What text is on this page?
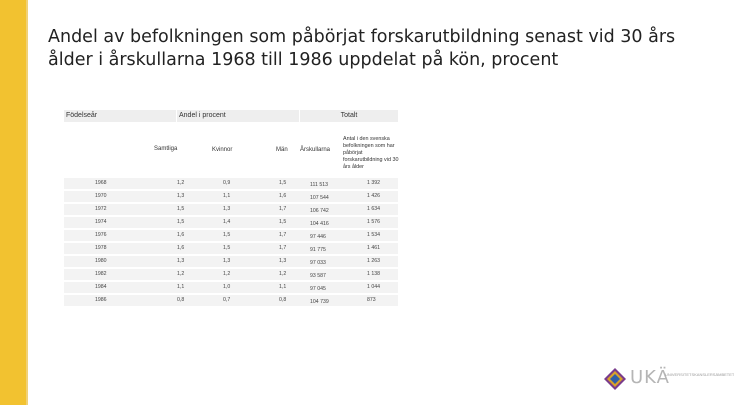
Andel av befolkningen som påbörjat forskarutbildning senast vid 30 års ålder i årskullarna 1968 till 1986 uppdelat på kön, procent
Födelseår	Andel i procent	Totalt
Samtliga	Kvinnor	Män Årskullarna
Antal i den svenska befolkningen som har påbörjat forskarutbildning vid 30 års ålder
1968	1,2	0,9	1,5	111 513	1 392
1970	1,3	1,1	1,6	107 544	1 426
1972	1,5	1,3	1,7	106 742	1 634
1974	1,5	1,4	1,5	104 416	1 576
1976	1,6	1,5	1,7	97 446	1 534
1978	1,6	1,5	1,7	91 775	1 461
1980	1,3	1,3	1,3	97 033	1 263
1982	1,2	1,2	1,2	93 587	1 138
1984	1,1	1,0	1,1	97 045	1 044
1986	0,8	0,7	0,8	104 739	873
UKÄ
UNIVERSITETSKANSLERSÄMBETET
